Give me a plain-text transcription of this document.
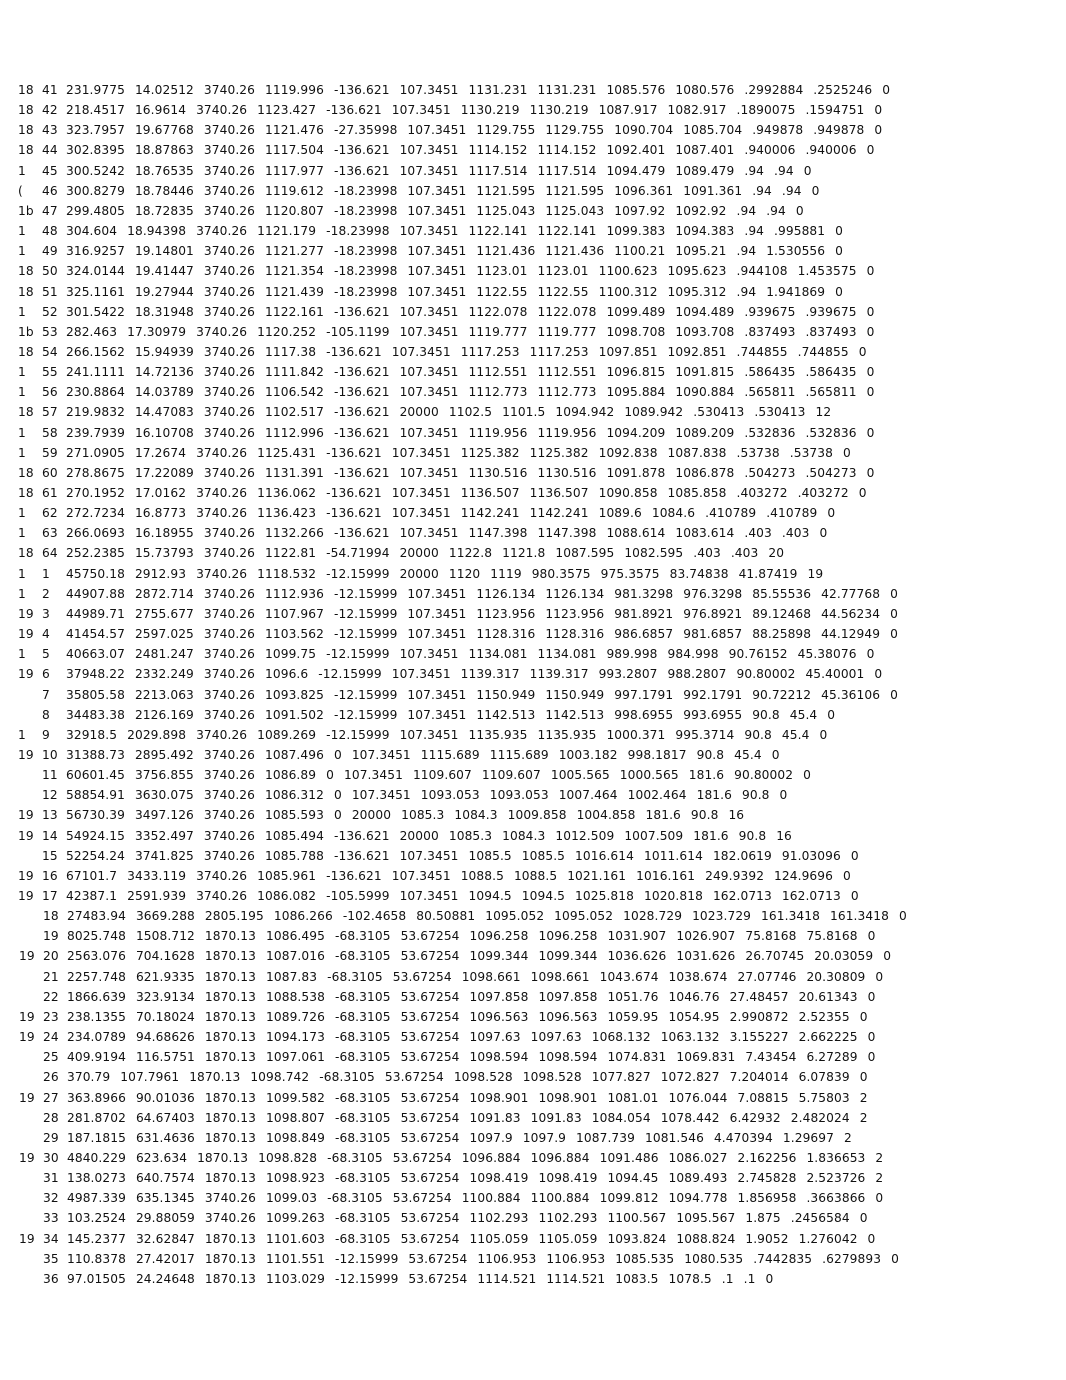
18 41 231.9775 14.02512 3740.26 1119.996 -136.621 107.3451 1131.231 1131.231 1085.576 1080.576 .2992884 .2525246 0
18 42 218.4517 16.9614 3740.26 1123.427 -136.621 107.3451 1130.219 1130.219 1087.917 1082.917 .1890075 .1594751 0
18 43 323.7957 19.67768 3740.26 1121.476 -27.35998 107.3451 1129.755 1129.755 1090.704 1085.704 .949878 .949878 0
18 44 302.8395 18.87863 3740.26 1117.504 -136.621 107.3451 1114.152 1114.152 1092.401 1087.401 .940006 .940006 0
1 45 300.5242 18.76535 3740.26 1117.977 -136.621 107.3451 1117.514 1117.514 1094.479 1089.479 .94 .94 0
( 46 300.8279 18.78446 3740.26 1119.612 -18.23998 107.3451 1121.595 1121.595 1096.361 1091.361 .94 .94 0
1b 47 299.4805 18.72835 3740.26 1120.807 -18.23998 107.3451 1125.043 1125.043 1097.92 1092.92 .94 .94 0
1 48 304.604 18.94398 3740.26 1121.179 -18.23998 107.3451 1122.141 1122.141 1099.383 1094.383 .94 .995881 0
1 49 316.9257 19.14801 3740.26 1121.277 -18.23998 107.3451 1121.436 1121.436 1100.21 1095.21 .94 1.530556 0
18 50 324.0144 19.41447 3740.26 1121.354 -18.23998 107.3451 1123.01 1123.01 1100.623 1095.623 .944108 1.453575 0
18 51 325.1161 19.27944 3740.26 1121.439 -18.23998 107.3451 1122.55 1122.55 1100.312 1095.312 .94 1.941869 0
1 52 301.5422 18.31948 3740.26 1122.161 -136.621 107.3451 1122.078 1122.078 1099.489 1094.489 .939675 .939675 0
1b 53 282.463 17.30979 3740.26 1120.252 -105.1199 107.3451 1119.777 1119.777 1098.708 1093.708 .837493 .837493 0
18 54 266.1562 15.94939 3740.26 1117.38 -136.621 107.3451 1117.253 1117.253 1097.851 1092.851 .744855 .744855 0
1 55 241.1111 14.72136 3740.26 1111.842 -136.621 107.3451 1112.551 1112.551 1096.815 1091.815 .586435 .586435 0
1 56 230.8864 14.03789 3740.26 1106.542 -136.621 107.3451 1112.773 1112.773 1095.884 1090.884 .565811 .565811 0
18 57 219.9832 14.47083 3740.26 1102.517 -136.621 20000 1102.5 1101.5 1094.942 1089.942 .530413 .530413 12
1 58 239.7939 16.10708 3740.26 1112.996 -136.621 107.3451 1119.956 1119.956 1094.209 1089.209 .532836 .532836 0
1 59 271.0905 17.2674 3740.26 1125.431 -136.621 107.3451 1125.382 1125.382 1092.838 1087.838 .53738 .53738 0
18 60 278.8675 17.22089 3740.26 1131.391 -136.621 107.3451 1130.516 1130.516 1091.878 1086.878 .504273 .504273 0
18 61 270.1952 17.0162 3740.26 1136.062 -136.621 107.3451 1136.507 1136.507 1090.858 1085.858 .403272 .403272 0
1 62 272.7234 16.8773 3740.26 1136.423 -136.621 107.3451 1142.241 1142.241 1089.6 1084.6 .410789 .410789 0
1 63 266.0693 16.18955 3740.26 1132.266 -136.621 107.3451 1147.398 1147.398 1088.614 1083.614 .403 .403 0
18 64 252.2385 15.73793 3740.26 1122.81 -54.71994 20000 1122.8 1121.8 1087.595 1082.595 .403 .403 20
1 1 45750.18 2912.93 3740.26 1118.532 -12.15999 20000 1120 1119 980.3575 975.3575 83.74838 41.87419 19
1 2 44907.88 2872.714 3740.26 1112.936 -12.15999 107.3451 1126.134 1126.134 981.3298 976.3298 85.55536 42.77768 0
19 3 44989.71 2755.677 3740.26 1107.967 -12.15999 107.3451 1123.956 1123.956 981.8921 976.8921 89.12468 44.56234 0
19 4 41454.57 2597.025 3740.26 1103.562 -12.15999 107.3451 1128.316 1128.316 986.6857 981.6857 88.25898 44.12949 0
1 5 40663.07 2481.247 3740.26 1099.75 -12.15999 107.3451 1134.081 1134.081 989.998 984.998 90.76152 45.38076 0
19 6 37948.22 2332.249 3740.26 1096.6 -12.15999 107.3451 1139.317 1139.317 993.2807 988.2807 90.80002 45.40001 0
7 35805.58 2213.063 3740.26 1093.825 -12.15999 107.3451 1150.949 1150.949 997.1791 992.1791 90.72212 45.36106 0
8 34483.38 2126.169 3740.26 1091.502 -12.15999 107.3451 1142.513 1142.513 998.6955 993.6955 90.8 45.4 0
1 9 32918.5 2029.898 3740.26 1089.269 -12.15999 107.3451 1135.935 1135.935 1000.371 995.3714 90.8 45.4 0
19 10 31388.73 2895.492 3740.26 1087.496 0 107.3451 1115.689 1115.689 1003.182 998.1817 90.8 45.4 0
11 60601.45 3756.855 3740.26 1086.89 0 107.3451 1109.607 1109.607 1005.565 1000.565 181.6 90.80002 0
12 58854.91 3630.075 3740.26 1086.312 0 107.3451 1093.053 1093.053 1007.464 1002.464 181.6 90.8 0
19 13 56730.39 3497.126 3740.26 1085.593 0 20000 1085.3 1084.3 1009.858 1004.858 181.6 90.8 16
19 14 54924.15 3352.497 3740.26 1085.494 -136.621 20000 1085.3 1084.3 1012.509 1007.509 181.6 90.8 16
15 52254.24 3741.825 3740.26 1085.788 -136.621 107.3451 1085.5 1085.5 1016.614 1011.614 182.0619 91.03096 0
19 16 67101.7 3433.119 3740.26 1085.961 -136.621 107.3451 1088.5 1088.5 1021.161 1016.161 249.9392 124.9696 0
19 17 42387.1 2591.939 3740.26 1086.082 -105.5999 107.3451 1094.5 1094.5 1025.818 1020.818 162.0713 162.0713 0
18 27483.94 3669.288 2805.195 1086.266 -102.4658 80.50881 1095.052 1095.052 1028.729 1023.729 161.3418 161.3418 0
19 8025.748 1508.712 1870.13 1086.495 -68.3105 53.67254 1096.258 1096.258 1031.907 1026.907 75.8168 75.8168 0
19 20 2563.076 704.1628 1870.13 1087.016 -68.3105 53.67254 1099.344 1099.344 1036.626 1031.626 26.70745 20.03059 0
21 2257.748 621.9335 1870.13 1087.83 -68.3105 53.67254 1098.661 1098.661 1043.674 1038.674 27.07746 20.30809 0
22 1866.639 323.9134 1870.13 1088.538 -68.3105 53.67254 1097.858 1097.858 1051.76 1046.76 27.48457 20.61343 0
19 23 238.1355 70.18024 1870.13 1089.726 -68.3105 53.67254 1096.563 1096.563 1059.95 1054.95 2.990872 2.52355 0
19 24 234.0789 94.68626 1870.13 1094.173 -68.3105 53.67254 1097.63 1097.63 1068.132 1063.132 3.155227 2.662225 0
25 409.9194 116.5751 1870.13 1097.061 -68.3105 53.67254 1098.594 1098.594 1074.831 1069.831 7.43454 6.27289 0
26 370.79 107.7961 1870.13 1098.742 -68.3105 53.67254 1098.528 1098.528 1077.827 1072.827 7.204014 6.07839 0
19 27 363.8966 90.01036 1870.13 1099.582 -68.3105 53.67254 1098.901 1098.901 1081.01 1076.044 7.08815 5.75803 2
28 281.8702 64.67403 1870.13 1098.807 -68.3105 53.67254 1091.83 1091.83 1084.054 1078.442 6.42932 2.482024 2
29 187.1815 631.4636 1870.13 1098.849 -68.3105 53.67254 1097.9 1097.9 1087.739 1081.546 4.470394 1.29697 2
19 30 4840.229 623.634 1870.13 1098.828 -68.3105 53.67254 1096.884 1096.884 1091.486 1086.027 2.162256 1.836653 2
31 138.0273 640.7574 1870.13 1098.923 -68.3105 53.67254 1098.419 1098.419 1094.45 1089.493 2.745828 2.523726 2
32 4987.339 635.1345 3740.26 1099.03 -68.3105 53.67254 1100.884 1100.884 1099.812 1094.778 1.856958 .3663866 0
33 103.2524 29.88059 3740.26 1099.263 -68.3105 53.67254 1102.293 1102.293 1100.567 1095.567 1.875 .2456584 0
19 34 145.2377 32.62847 1870.13 1101.603 -68.3105 53.67254 1105.059 1105.059 1093.824 1088.824 1.9052 1.276042 0
35 110.8378 27.42017 1870.13 1101.551 -12.15999 53.67254 1106.953 1106.953 1085.535 1080.535 .7442835 .6279893 0
36 97.01505 24.24648 1870.13 1103.029 -12.15999 53.67254 1114.521 1114.521 1083.5 1078.5 .1 .1 0
